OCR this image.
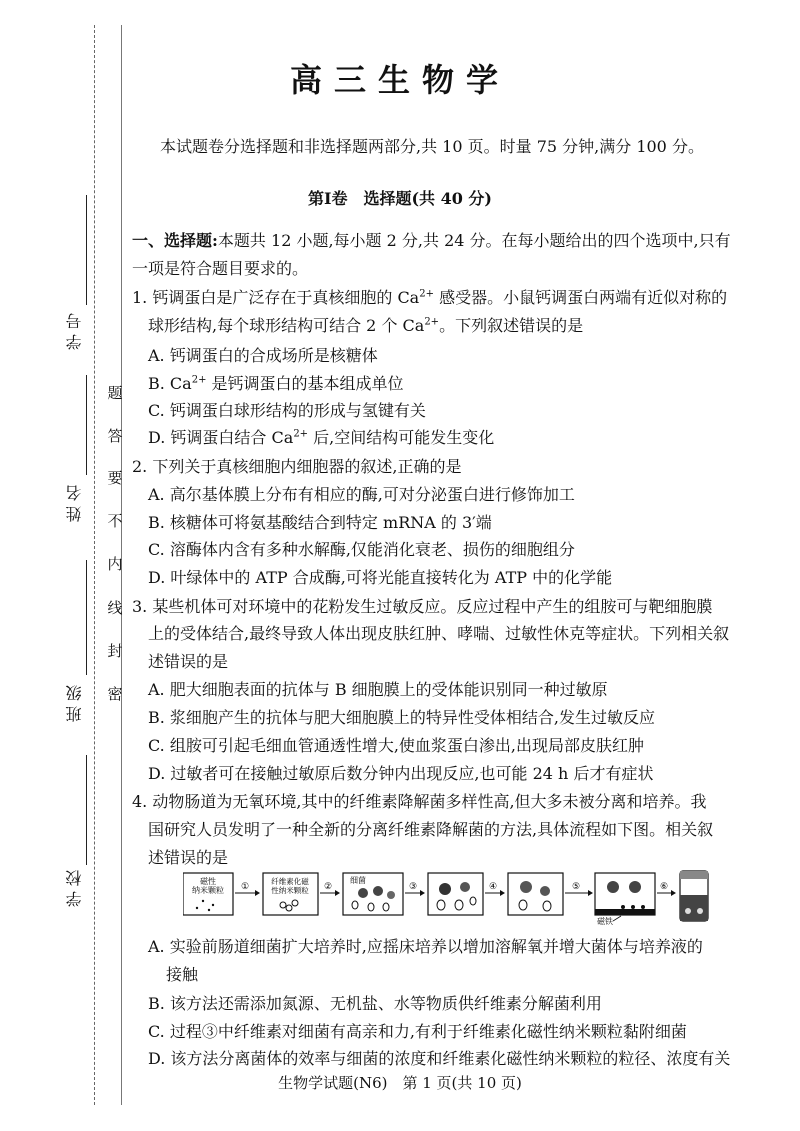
学 号
姓 名
班 级
学 校
题
答
要
不
内
线
封
密
高三生物学
本试题卷分选择题和非选择题两部分,共 10 页。时量 75 分钟,满分 100 分。
第Ⅰ卷　选择题(共 40 分)
一、选择题:本题共 12 小题,每小题 2 分,共 24 分。在每小题给出的四个选项中,只有
一项是符合题目要求的。
1. 钙调蛋白是广泛存在于真核细胞的 $Ca^{2+}$ 感受器。小鼠钙调蛋白两端有近似对称的
球形结构,每个球形结构可结合 2 个 $Ca^{2+}$。下列叙述错误的是
A. 钙调蛋白的合成场所是核糖体
B. $Ca^{2+}$ 是钙调蛋白的基本组成单位
C. 钙调蛋白球形结构的形成与氢键有关
D. 钙调蛋白结合 $Ca^{2+}$ 后,空间结构可能发生变化
2. 下列关于真核细胞内细胞器的叙述,正确的是
A. 高尔基体膜上分布有相应的酶,可对分泌蛋白进行修饰加工
B. 核糖体可将氨基酸结合到特定 mRNA 的 3′端
C. 溶酶体内含有多种水解酶,仅能消化衰老、损伤的细胞组分
D. 叶绿体中的 ATP 合成酶,可将光能直接转化为 ATP 中的化学能
3. 某些机体可对环境中的花粉发生过敏反应。反应过程中产生的组胺可与靶细胞膜
上的受体结合,最终导致人体出现皮肤红肿、哮喘、过敏性休克等症状。下列相关叙
述错误的是
A. 肥大细胞表面的抗体与 B 细胞膜上的受体能识别同一种过敏原
B. 浆细胞产生的抗体与肥大细胞膜上的特异性受体相结合,发生过敏反应
C. 组胺可引起毛细血管通透性增大,使血浆蛋白渗出,出现局部皮肤红肿
D. 过敏者可在接触过敏原后数分钟内出现反应,也可能 24 h 后才有症状
4. 动物肠道为无氧环境,其中的纤维素降解菌多样性高,但大多未被分离和培养。我
国研究人员发明了一种全新的分离纤维素降解菌的方法,具体流程如下图。相关叙
述错误的是
磁性
纳米颗粒 ①
纤维素化磁
性纳米颗粒 ②
细菌
③	④	⑤
磁铁
⑥
A. 实验前肠道细菌扩大培养时,应摇床培养以增加溶解氧并增大菌体与培养液的
接触
B. 该方法还需添加氮源、无机盐、水等物质供纤维素分解菌利用
C. 过程③中纤维素对细菌有高亲和力,有利于纤维素化磁性纳米颗粒黏附细菌
D. 该方法分离菌体的效率与细菌的浓度和纤维素化磁性纳米颗粒的粒径、浓度有关
生物学试题(N6)　第 1 页(共 10 页)
